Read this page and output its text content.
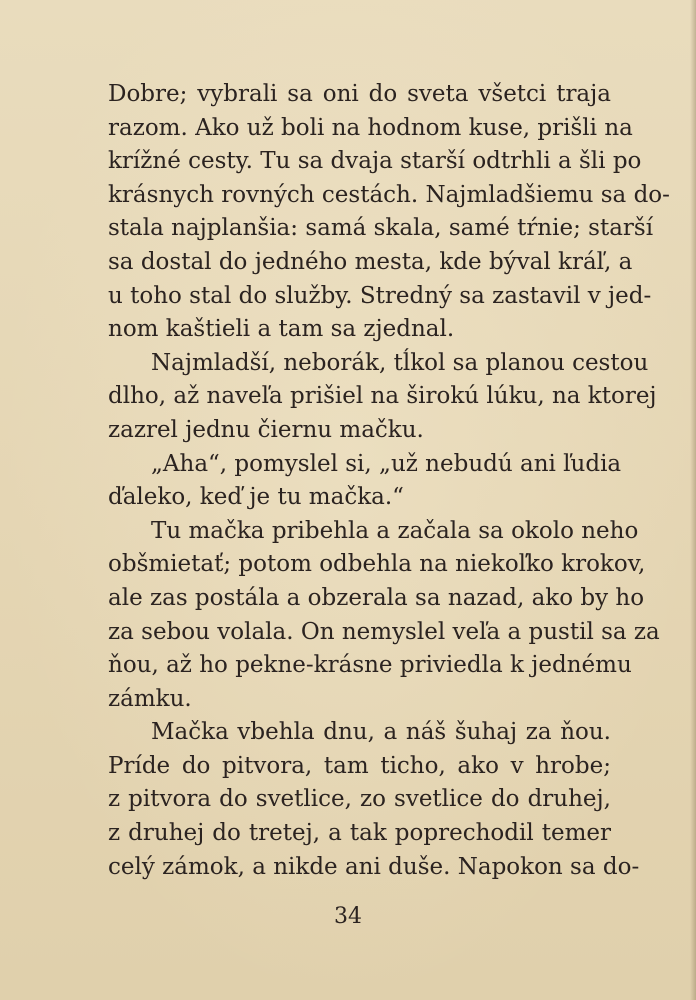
Dobre; vybrali sa oni do sveta všetci traja
razom. Ako už boli na hodnom kuse, prišli na
krížné cesty. Tu sa dvaja starší odtrhli a šli po
krásnych rovných cestách. Najmladšiemu sa do-
stala najplanšia: samá skala, samé tŕnie; starší
sa dostal do jedného mesta, kde býval kráľ, a
u toho stal do služby. Stredný sa zastavil v jed-
nom kaštieli a tam sa zjednal.
Najmladší, neborák, tĺkol sa planou cestou
dlho, až naveľa prišiel na širokú lúku, na ktorej
zazrel jednu čiernu mačku.
„Aha“, pomyslel si, „už nebudú ani ľudia
ďaleko, keď je tu mačka.“
Tu mačka pribehla a začala sa okolo neho
obšmietať; potom odbehla na niekoľko krokov,
ale zas postála a obzerala sa nazad, ako by ho
za sebou volala. On nemyslel veľa a pustil sa za
ňou, až ho pekne-krásne priviedla k jednému
zámku.
Mačka vbehla dnu, a náš šuhaj za ňou.
Príde do pitvora, tam ticho, ako v hrobe;
z pitvora do svetlice, zo svetlice do druhej,
z druhej do tretej, a tak poprechodil temer
celý zámok, a nikde ani duše. Napokon sa do-
34
